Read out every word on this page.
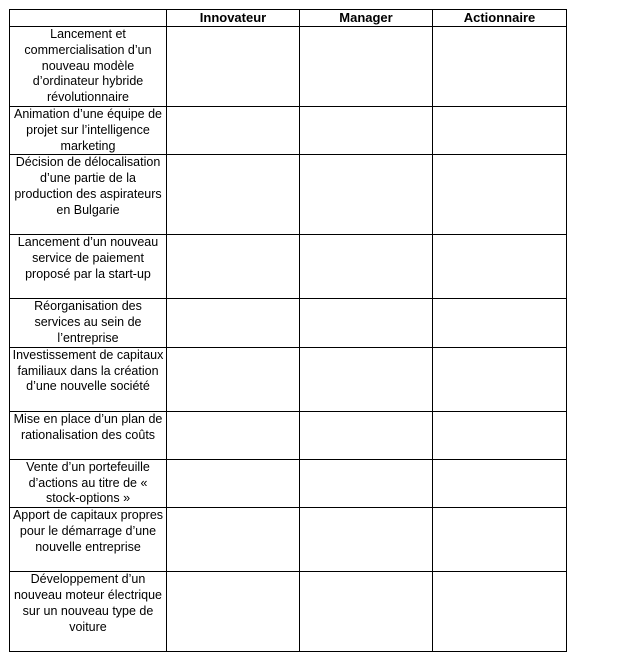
	Innovateur	Manager	Actionnaire
Lancement et commercialisation d’un nouveau modèle d’ordinateur hybride révolutionnaire			
Animation d’une équipe de projet sur l’intelligence marketing			
Décision de délocalisation d’une partie de la production des aspirateurs en Bulgarie			
Lancement d’un nouveau service de paiement proposé par la start-up			
Réorganisation des services au sein de l’entreprise			
Investissement de capitaux familiaux dans la création d’une nouvelle société			
Mise en place d’un plan de rationalisation des coûts			
Vente d’un portefeuille d’actions au titre de « stock-options »			
Apport de capitaux propres pour le démarrage d’une nouvelle entreprise			
Développement d’un nouveau moteur électrique sur un nouveau type de voiture			
